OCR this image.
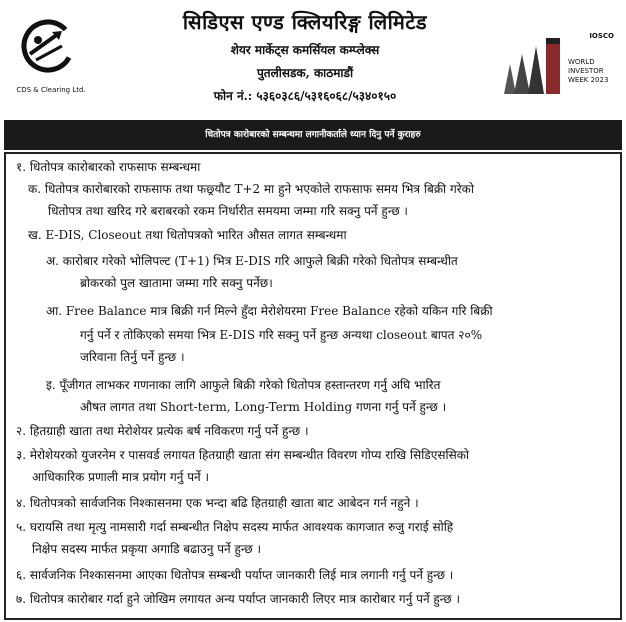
CDS & Clearing Ltd.
सिडिएस एण्ड क्लियरिङ्ग लिमिटेड
शेयर मार्केट्स कमर्सियल कम्प्लेक्स
पुतलीसडक, काठमाडौं
फोन नं.: ५३६०३८६/५३१६०६८/५३४०१५०
IOSCO
WORLD
INVESTOR
WEEK 2023
धितोपत्र कारोबारको सम्बन्धमा लगानीकर्ताले ध्यान दिनु पर्ने कुराहरु
१. धितोपत्र कारोबारको राफसाफ सम्बन्धमा
क. धितोपत्र कारोबारको राफसाफ तथा फछ्र्यौट T+2 मा हुने भएकोले राफसाफ समय भित्र बिक्री गरेको
धितोपत्र तथा खरिद गरे बराबरको रकम निर्धारीत समयमा जम्मा गरि सक्नु पर्ने हुन्छ ।
ख. E-DIS, Closeout तथा धितोपत्रको भारित औसत लागत सम्बन्धमा
अ. कारोबार गरेको भोलिपल्ट (T+1) भित्र E-DIS गरि आफुले बिक्री गरेको धितोपत्र सम्बन्धीत
ब्रोकरको पुल खातामा जम्मा गरि सक्नु पर्नेछ।
आ. Free Balance मात्र बिक्री गर्न मिल्ने हुँदा मेरोशेयरमा Free Balance रहेको यकिन गरि बिक्री
गर्नु पर्ने र तोकिएको समया भित्र E-DIS गरि सक्नु पर्ने हुन्छ अन्यथा closeout बापत २०%
जरिवाना तिर्नु पर्ने हुन्छ ।
इ. पूँजीगत लाभकर गणनाका लागि आफुले बिक्री गरेको धितोपत्र हस्तान्तरण गर्नु अघि भारित
औषत लागत तथा Short-term, Long-Term Holding गणना गर्नु पर्ने हुन्छ ।
२. हितग्राही खाता तथा मेरोशेयर प्रत्येक बर्ष नविकरण गर्नु पर्ने हुन्छ ।
३. मेरोशेयरको युजरनेम र पासवर्ड लगायत हितग्राही खाता संग सम्बन्धीत विवरण गोप्य राखि सिडिएससिको
आधिकारिक प्रणाली मात्र प्रयोग गर्नु पर्ने ।
४. धितोपत्रको सार्वजनिक निश्कासनमा एक भन्दा बढि हितग्राही खाता बाट आबेदन गर्न नहुने ।
५. घरायसि तथा मृत्यु नामसारी गर्दा सम्बन्धीत निक्षेप सदस्य मार्फत आवश्यक कागजात रुजु गराई सोहि
निक्षेप सदस्य मार्फत प्रकृया अगाडि बढाउनु पर्ने हुन्छ ।
६. सार्वजनिक निश्कासनमा आएका धितोपत्र सम्बन्धी पर्याप्त जानकारी लिई मात्र लगानी गर्नु पर्ने हुन्छ ।
७. धितोपत्र कारोबार गर्दा हुने जोखिम लगायत अन्य पर्याप्त जानकारी लिएर मात्र कारोबार गर्नु पर्ने हुन्छ ।
